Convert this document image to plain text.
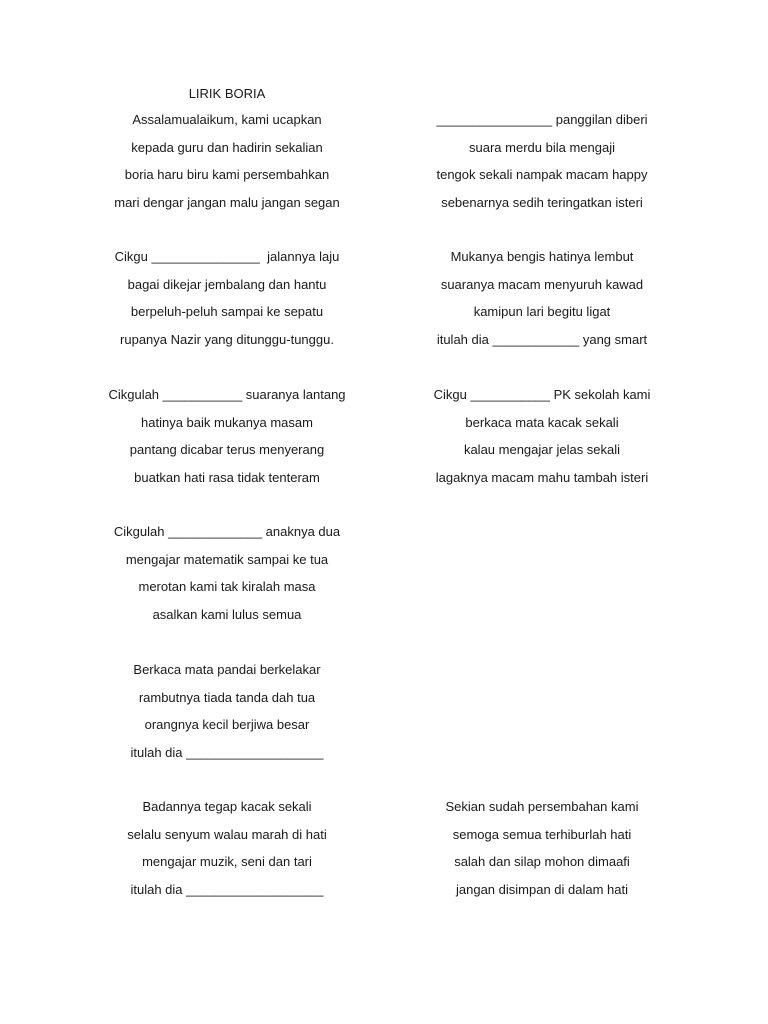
LIRIK BORIA
Assalamualaikum, kami ucapkan
kepada guru dan hadirin sekalian
boria haru biru kami persembahkan
mari dengar jangan malu jangan segan
Cikgu _______________  jalannya laju
bagai dikejar jembalang dan hantu
berpeluh-peluh sampai ke sepatu
rupanya Nazir yang ditunggu-tunggu.
Cikgulah ___________ suaranya lantang
hatinya baik mukanya masam
pantang dicabar terus menyerang
buatkan hati rasa tidak tenteram
Cikgulah _____________ anaknya dua
mengajar matematik sampai ke tua
merotan kami tak kiralah masa
asalkan kami lulus semua
Berkaca mata pandai berkelakar
rambutnya tiada tanda dah tua
orangnya kecil berjiwa besar
itulah dia ___________________
Badannya tegap kacak sekali
selalu senyum walau marah di hati
mengajar muzik, seni dan tari
itulah dia ___________________
________________ panggilan diberi
suara merdu bila mengaji
tengok sekali nampak macam happy
sebenarnya sedih teringatkan isteri
Mukanya bengis hatinya lembut
suaranya macam menyuruh kawad
kamipun lari begitu ligat
itulah dia ____________ yang smart
Cikgu ___________ PK sekolah kami
berkaca mata kacak sekali
kalau mengajar jelas sekali
lagaknya macam mahu tambah isteri
Sekian sudah persembahan kami
semoga semua terhiburlah hati
salah dan silap mohon dimaafi
jangan disimpan di dalam hati
